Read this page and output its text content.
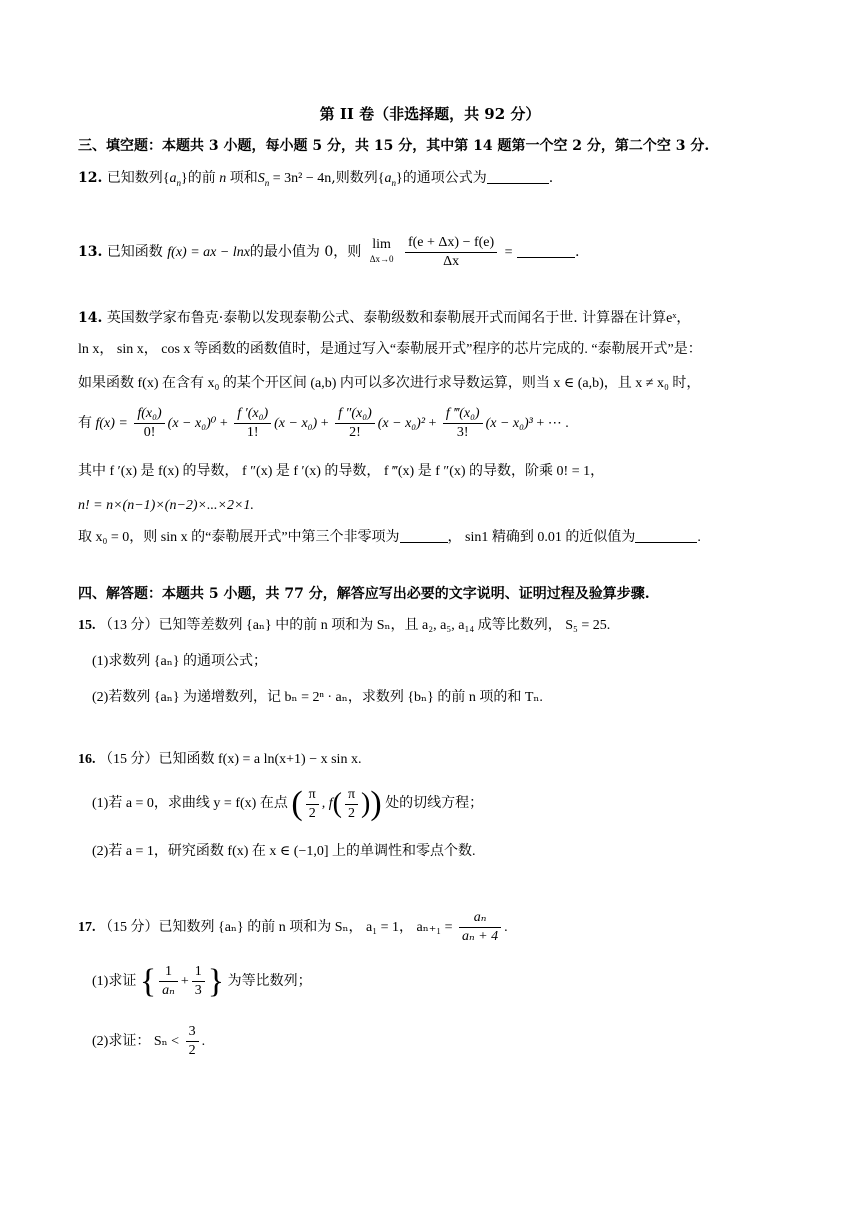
第 II 卷（非选择题，共 92 分）
三、填空题：本题共 3 小题，每小题 5 分，共 15 分，其中第 14 题第一个空 2 分，第二个空 3 分.
12. 已知数列$\{a_n\}$的前 n 项和$S_n = 3n^2 - 4n$,则数列$\{a_n\}$的通项公式为	.
13. 已知函数 f(x) = ax − lnx的最小值为 0，则 lim
Δx→0
$\frac{f(e + \Delta x) - f(e)}{\Delta x}$ =	.
14. 英国数学家布鲁克·泰勒以发现泰勒公式、泰勒级数和泰勒展开式而闻名于世. 计算器在计算eˣ，
ln x， sin x， cos x 等函数的函数值时，是通过写入“泰勒展开式”程序的芯片完成的. “泰勒展开式”是：
如果函数 f(x) 在含有 x₀ 的某个开区间 (a,b) 内可以多次进行求导数运算，则当 x ∈ (a,b)，且 x ≠ x₀ 时，
有 $f(x) = \frac{\text{f(x₀)}}{0!} (x - x_0)^0 + \frac{\text{f ′(x₀)}}{1!} (x - x_0) + \frac{\text{f ″(x₀)}}{2!} (x - x_0)^2 + \frac{\text{f ‴(x₀)}}{3!} (x - x_0)^3$ + ⋯ .
其中 f ′(x) 是 f(x) 的导数， f ″(x) 是 f ′(x) 的导数， f ‴(x) 是 f ″(x) 的导数，阶乘 0! = 1，
n! = n×(n−1)×(n−2)×...×2×1.
取 x₀ = 0，则 sin x 的“泰勒展开式”中第三个非零项为	， sin1 精确到 0.01 的近似值为	.
四、解答题：本题共 5 小题，共 77 分，解答应写出必要的文字说明、证明过程及验算步骤.
15. （13 分）已知等差数列 {aₙ} 中的前 n 项和为 Sₙ，且 a₂, a₅, a₁₄ 成等比数列， S₅ = 25.
(1)求数列 {aₙ} 的通项公式；
(2)若数列 {aₙ} 为递增数列，记 bₙ = 2ⁿ · aₙ，求数列 {bₙ} 的前 n 项的和 Tₙ.
16. （15 分）已知函数 f(x) = a ln(x+1) − x sin x.
(1)若 a = 0，求曲线 y = f(x) 在点 ( $\frac{\pi}{2}$ , $f( \frac{\pi}{2}$ )) 处的切线方程；
(2)若 a = 1，研究函数 f(x) 在 x ∈ (−1,0] 上的单调性和零点个数.
17. （15 分）已知数列 {aₙ} 的前 n 项和为 Sₙ， a₁ = 1， $a_{n+1} = \frac{\text{aₙ}}{\text{aₙ + 4}}$ .
(1)求证 { $\frac{1}{\text{aₙ}} + \frac{1}{3}$ } 为等比数列；
(2)求证： $S_n < \frac{3}{2}$ .
